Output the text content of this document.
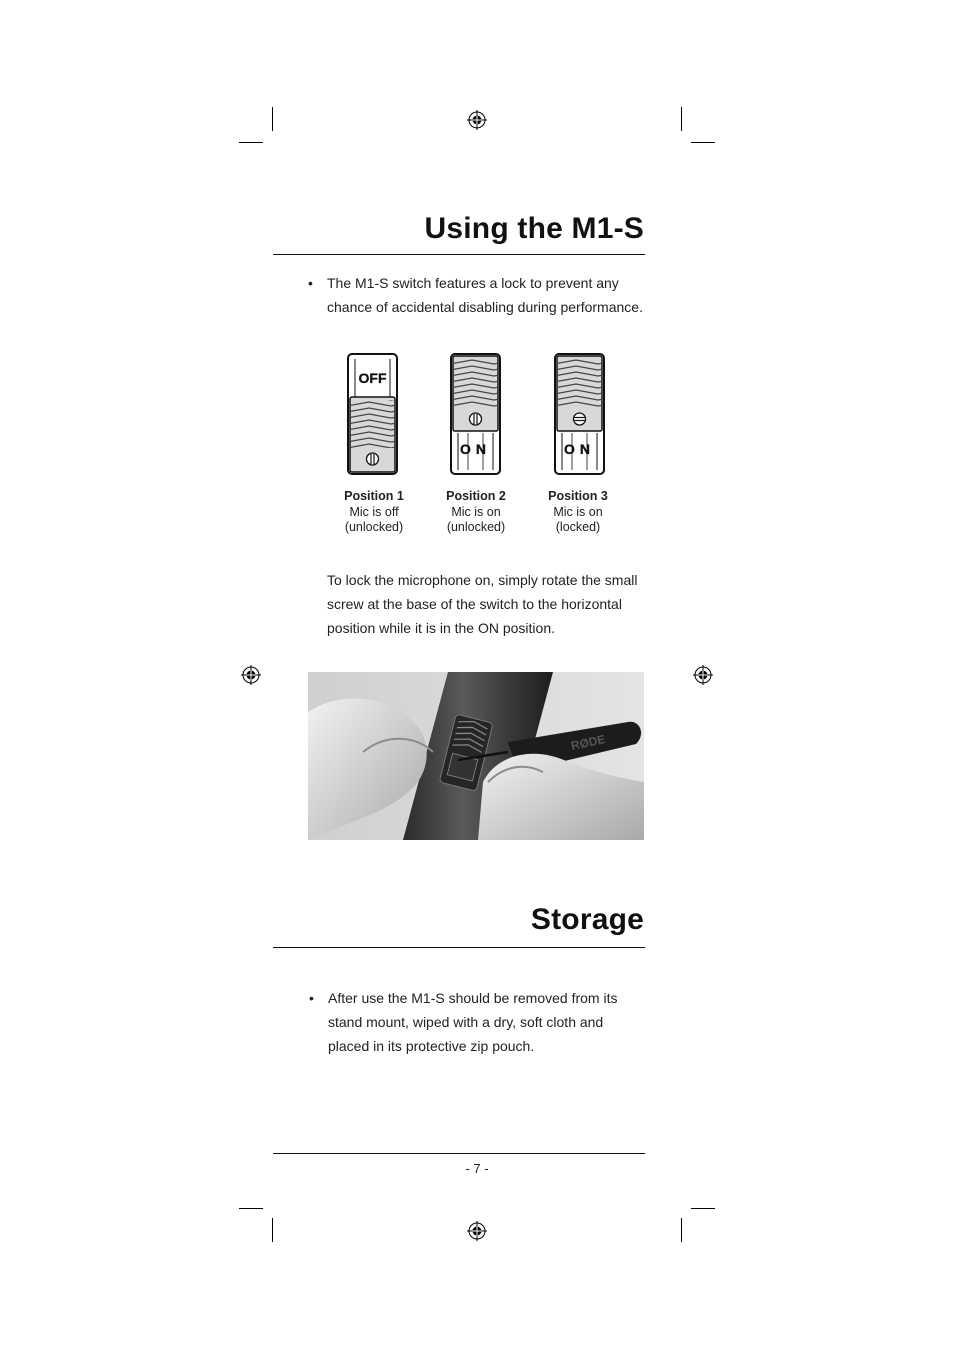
Using the M1-S
• The M1-S switch features a lock to prevent any chance of accidental disabling during performance.
OFF
ON	ON
Position 1
Mic is off
(unlocked)
Position 2
Mic is on
(unlocked)
Position 3
Mic is on
(locked)
To lock the microphone on, simply rotate the small screw at the base of the switch to the horizontal position while it is in the ON position.
RØDE
Storage
• After use the M1-S should be removed from its stand mount, wiped with a dry, soft cloth and placed in its protective zip pouch.
- 7 -
